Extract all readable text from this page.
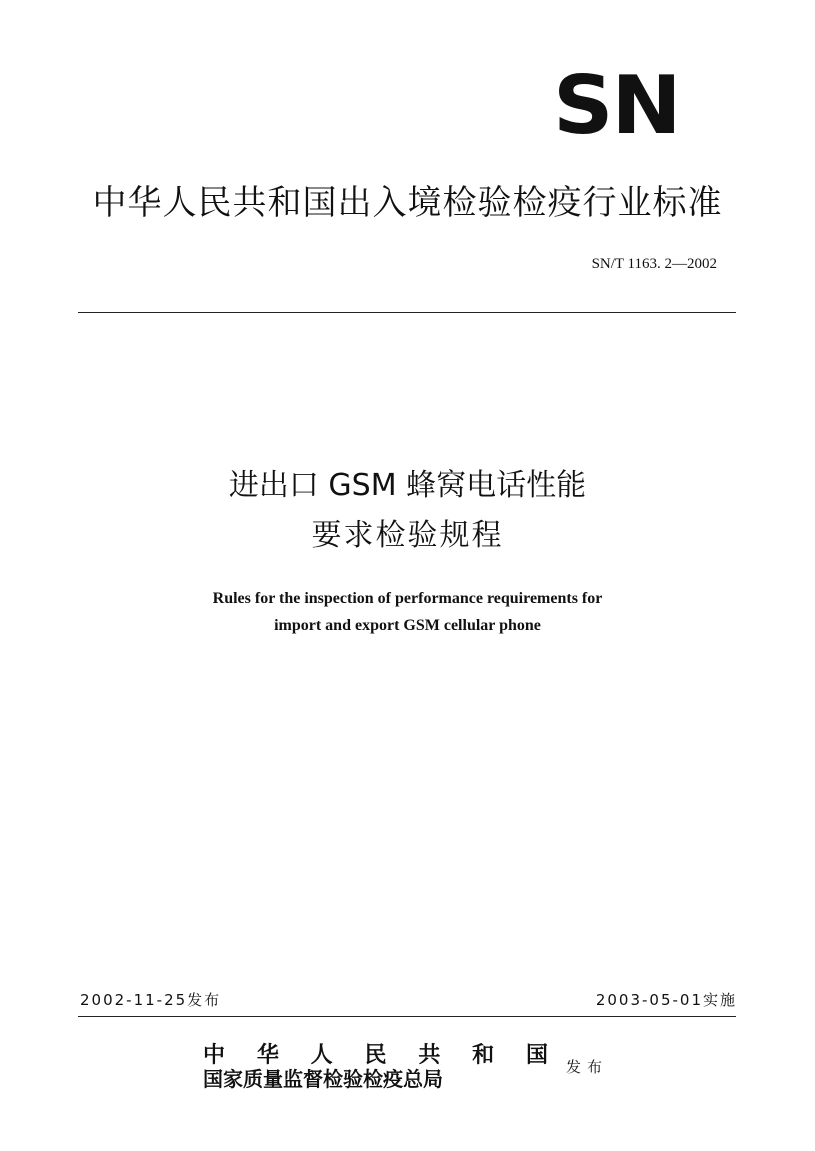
SN
中华人民共和国出入境检验检疫行业标准
SN/T 1163. 2—2002
进出口 GSM 蜂窝电话性能
要求检验规程
Rules for the inspection of performance requirements for
import and export GSM cellular phone
2002-11-25发布	2003-05-01实施
中华人民共和国
国家质量监督检验检疫总局	发布
